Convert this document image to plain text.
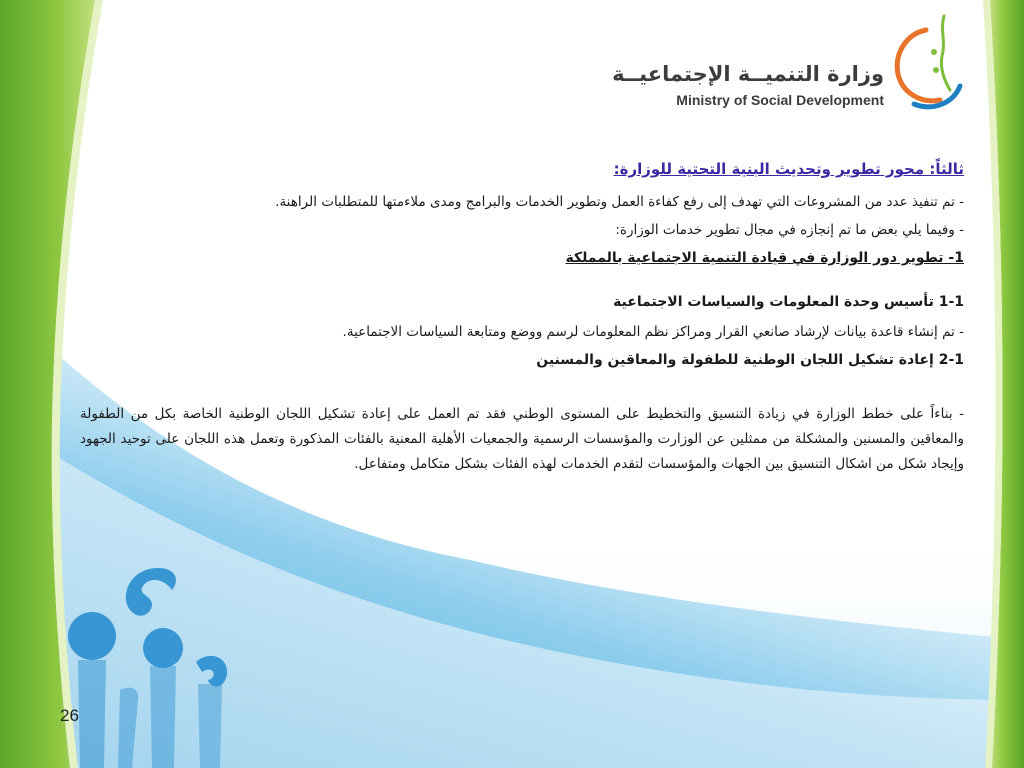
وزارة التنميــة الإجتماعيــة
Ministry of Social Development
ثالثاً: محور تطوير وتحديث البنية التحتية للوزارة:
- تم تنفيذ عدد من المشروعات التي تهدف إلى رفع كفاءة العمل وتطوير الخدمات والبرامج ومدى ملاءمتها للمتطلبات الراهنة.
- وفيما يلي بعض ما تم إنجازه في مجال تطوير خدمات الوزارة:
1- تطوير دور الوزارة في قيادة التنمية الاجتماعية بالمملكة
1-1 تأسيس وحدة المعلومات والسياسات الاجتماعية
- تم إنشاء قاعدة بيانات لإرشاد صانعي القرار ومراكز نظم المعلومات لرسم ووضع ومتابعة السياسات الاجتماعية.
2-1 إعادة تشكيل اللجان الوطنية للطفولة والمعاقين والمسنين
- بناءاً على خطط الوزارة في زيادة التنسيق والتخطيط على المستوى الوطني فقد تم العمل على إعادة تشكيل اللجان الوطنية الخاصة بكل من الطفولة والمعاقين والمسنين والمشكلة من ممثلين عن الوزارت والمؤسسات الرسمية والجمعيات الأهلية المعنية بالفئات المذكورة وتعمل هذه اللجان على توحيد الجهود وإيجاد شكل من اشكال التنسيق بين الجهات والمؤسسات لتقدم الخدمات لهذه الفئات بشكل متكامل ومتفاعل.
26
